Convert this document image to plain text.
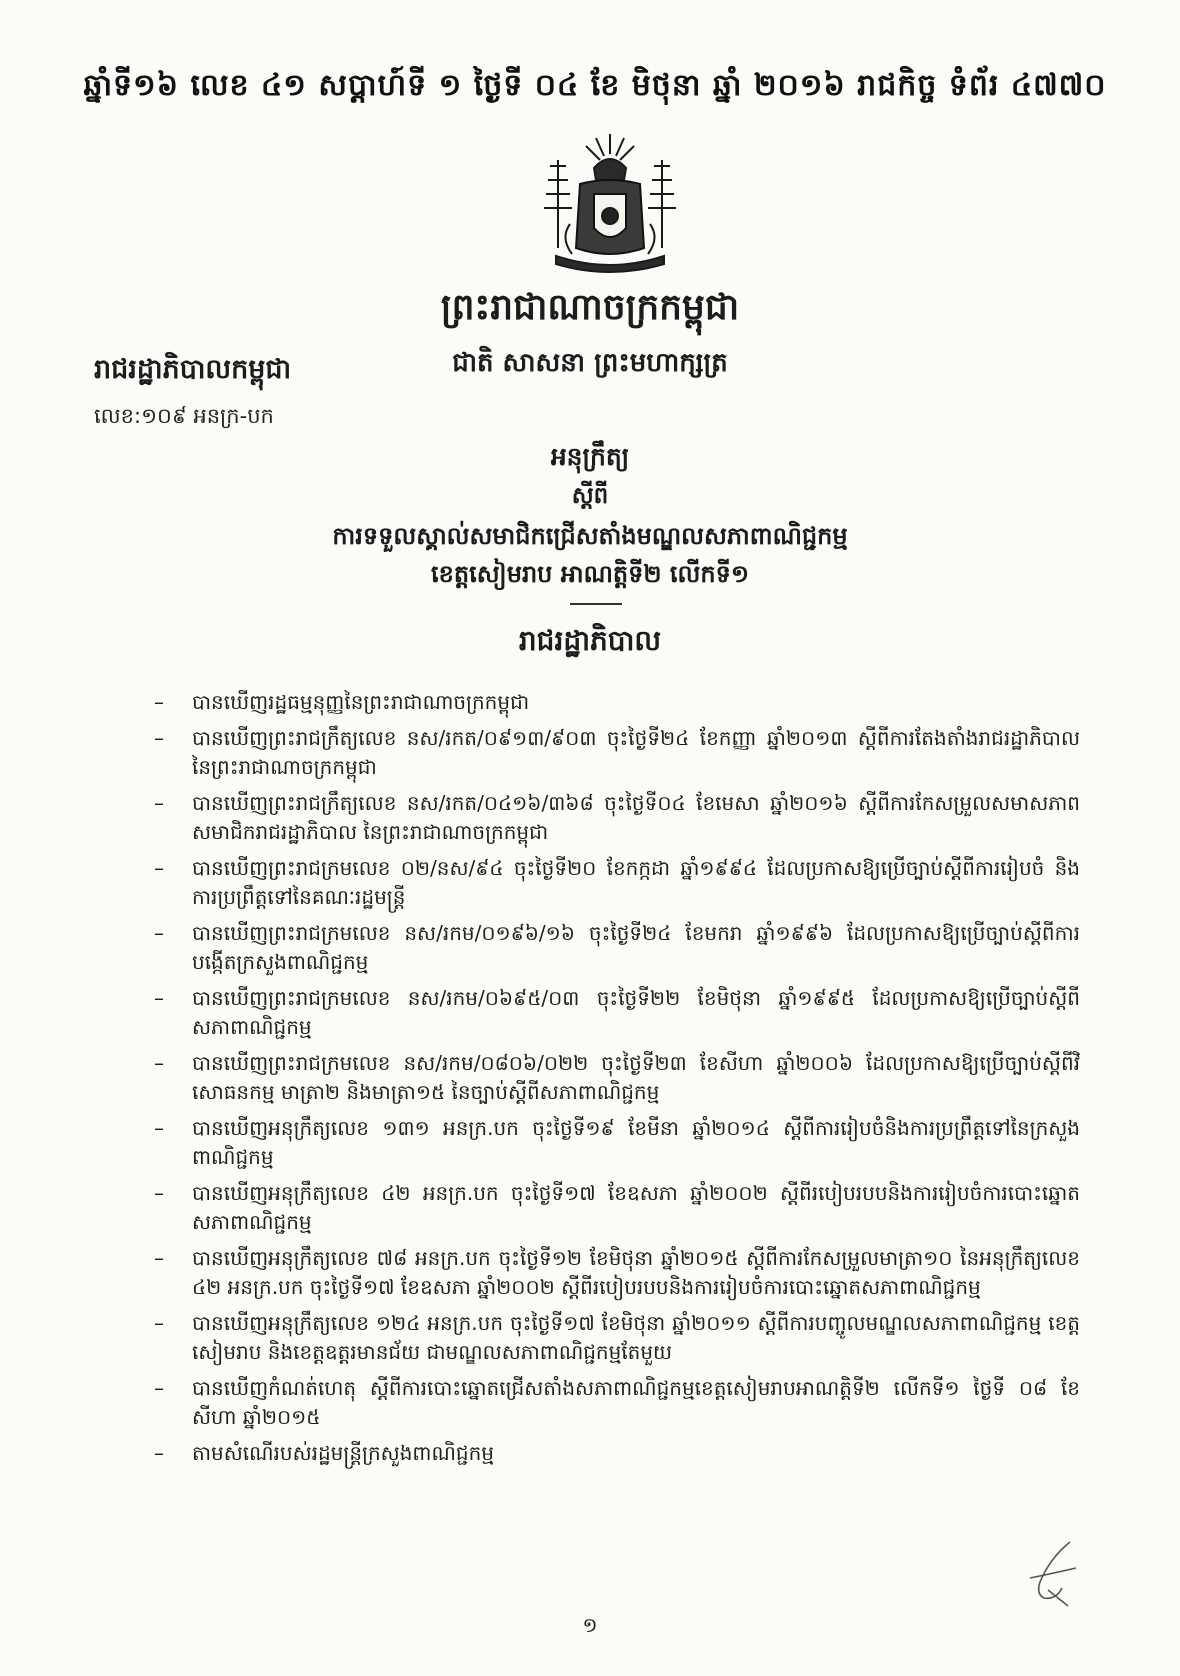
ឆ្នាំទី១៦ លេខ ៤១ សប្តាហ៍ទី ១ ថ្ងៃទី ០៤ ខែ មិថុនា ឆ្នាំ ២០១៦ រាជកិច្ច ទំព័រ ៤៧៧០
ព្រះរាជាណាចក្រកម្ពុជា
រាជរដ្ឋាភិបាលកម្ពុជា	ជាតិ សាសនា ព្រះមហាក្សត្រ
លេខ:១០៩ អនក្រ-បក
អនុក្រឹត្យ
ស្តីពី
ការទទួលស្គាល់សមាជិកជ្រើសតាំងមណ្ឌលសភាពាណិជ្ជកម្ម
ខេត្តសៀមរាប អាណត្តិទី២ លើកទី១
រាជរដ្ឋាភិបាល
– បានឃើញរដ្ឋធម្មនុញ្ញនៃព្រះរាជាណាចក្រកម្ពុជា
– បានឃើញព្រះរាជក្រឹត្យលេខ នស/រកត/០៩១៣/៩០៣ ចុះថ្ងៃទី២៤ ខែកញ្ញា ឆ្នាំ២០១៣ ស្តីពីការតែងតាំងរាជរដ្ឋាភិបាល នៃព្រះរាជាណាចក្រកម្ពុជា
– បានឃើញព្រះរាជក្រឹត្យលេខ នស/រកត/០៤១៦/៣៦៨ ចុះថ្ងៃទី០៤ ខែមេសា ឆ្នាំ២០១៦ ស្តីពីការកែសម្រួលសមាសភាពសមាជិករាជរដ្ឋាភិបាល នៃព្រះរាជាណាចក្រកម្ពុជា
– បានឃើញព្រះរាជក្រមលេខ ០២/នស/៩៤ ចុះថ្ងៃទី២០ ខែកក្កដា ឆ្នាំ១៩៩៤ ដែលប្រកាសឱ្យប្រើច្បាប់ស្តីពីការរៀបចំ និងការប្រព្រឹត្តទៅនៃគណៈរដ្ឋមន្ត្រី
– បានឃើញព្រះរាជក្រមលេខ នស/រកម/០១៩៦/១៦ ចុះថ្ងៃទី២៤ ខែមករា ឆ្នាំ១៩៩៦ ដែលប្រកាសឱ្យប្រើច្បាប់ស្តីពីការបង្កើតក្រសួងពាណិជ្ជកម្ម
– បានឃើញព្រះរាជក្រមលេខ នស/រកម/០៦៩៥/០៣ ចុះថ្ងៃទី២២ ខែមិថុនា ឆ្នាំ១៩៩៥ ដែលប្រកាសឱ្យប្រើច្បាប់ស្តីពីសភាពាណិជ្ជកម្ម
– បានឃើញព្រះរាជក្រមលេខ នស/រកម/០៨០៦/០២២ ចុះថ្ងៃទី២៣ ខែសីហា ឆ្នាំ២០០៦ ដែលប្រកាសឱ្យប្រើច្បាប់ស្តីពីវិសោធនកម្ម មាត្រា២ និងមាត្រា១៥ នៃច្បាប់ស្តីពីសភាពាណិជ្ជកម្ម
– បានឃើញអនុក្រឹត្យលេខ ១៣១ អនក្រ.បក ចុះថ្ងៃទី១៩ ខែមីនា ឆ្នាំ២០១៤ ស្តីពីការរៀបចំនិងការប្រព្រឹត្តទៅនៃក្រសួងពាណិជ្ជកម្ម
– បានឃើញអនុក្រឹត្យលេខ ៤២ អនក្រ.បក ចុះថ្ងៃទី១៧ ខែឧសភា ឆ្នាំ២០០២ ស្តីពីរបៀបរបបនិងការរៀបចំការបោះឆ្នោតសភាពាណិជ្ជកម្ម
– បានឃើញអនុក្រឹត្យលេខ ៧៨ អនក្រ.បក ចុះថ្ងៃទី១២ ខែមិថុនា ឆ្នាំ២០១៥ ស្តីពីការកែសម្រួលមាត្រា១០ នៃអនុក្រឹត្យលេខ ៤២ អនក្រ.បក ចុះថ្ងៃទី១៧ ខែឧសភា ឆ្នាំ២០០២ ស្តីពីរបៀបរបបនិងការរៀបចំការបោះឆ្នោតសភាពាណិជ្ជកម្ម
– បានឃើញអនុក្រឹត្យលេខ ១២៤ អនក្រ.បក ចុះថ្ងៃទី១៧ ខែមិថុនា ឆ្នាំ២០១១ ស្តីពីការបញ្ចូលមណ្ឌលសភាពាណិជ្ជកម្ម ខេត្តសៀមរាប និងខេត្តឧត្តរមានជ័យ ជាមណ្ឌលសភាពាណិជ្ជកម្មតែមួយ
– បានឃើញកំណត់ហេតុ ស្តីពីការបោះឆ្នោតជ្រើសតាំងសភាពាណិជ្ជកម្មខេត្តសៀមរាបអាណត្តិទី២ លើកទី១ ថ្ងៃទី ០៨ ខែសីហា ឆ្នាំ២០១៥
– តាមសំណើរបស់រដ្ឋមន្ត្រីក្រសួងពាណិជ្ជកម្ម
១
